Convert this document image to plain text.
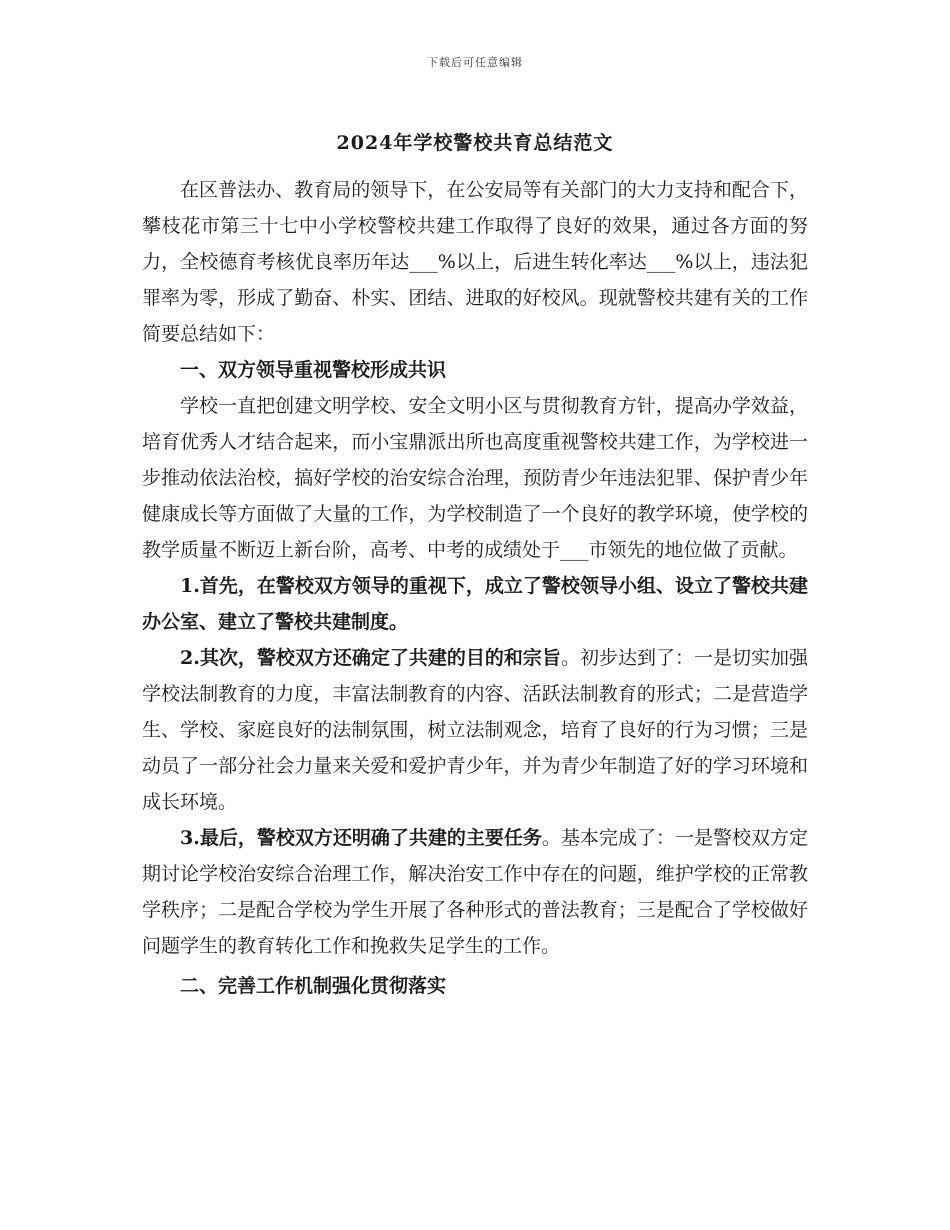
下载后可任意编辑
2024年学校警校共育总结范文

在区普法办、教育局的领导下，在公安局等有关部门的大力支持和配合下，攀枝花市第三十七中小学校警校共建工作取得了良好的效果，通过各方面的努力，全校德育考核优良率历年达___%以上，后进生转化率达___%以上，违法犯罪率为零，形成了勤奋、朴实、团结、进取的好校风。现就警校共建有关的工作简要总结如下：

一、双方领导重视警校形成共识

学校一直把创建文明学校、安全文明小区与贯彻教育方针，提高办学效益，培育优秀人才结合起来，而小宝鼎派出所也高度重视警校共建工作，为学校进一步推动依法治校，搞好学校的治安综合治理，预防青少年违法犯罪、保护青少年健康成长等方面做了大量的工作，为学校制造了一个良好的教学环境，使学校的教学质量不断迈上新台阶，高考、中考的成绩处于___市领先的地位做了贡献。

1.首先，在警校双方领导的重视下，成立了警校领导小组、设立了警校共建办公室、建立了警校共建制度。

2.其次，警校双方还确定了共建的目的和宗旨。初步达到了：一是切实加强学校法制教育的力度，丰富法制教育的内容、活跃法制教育的形式；二是营造学生、学校、家庭良好的法制氛围，树立法制观念，培育了良好的行为习惯；三是动员了一部分社会力量来关爱和爱护青少年，并为青少年制造了好的学习环境和成长环境。

3.最后，警校双方还明确了共建的主要任务。基本完成了：一是警校双方定期讨论学校治安综合治理工作，解决治安工作中存在的问题，维护学校的正常教学秩序；二是配合学校为学生开展了各种形式的普法教育；三是配合了学校做好问题学生的教育转化工作和挽救失足学生的工作。

二、完善工作机制强化贯彻落实
